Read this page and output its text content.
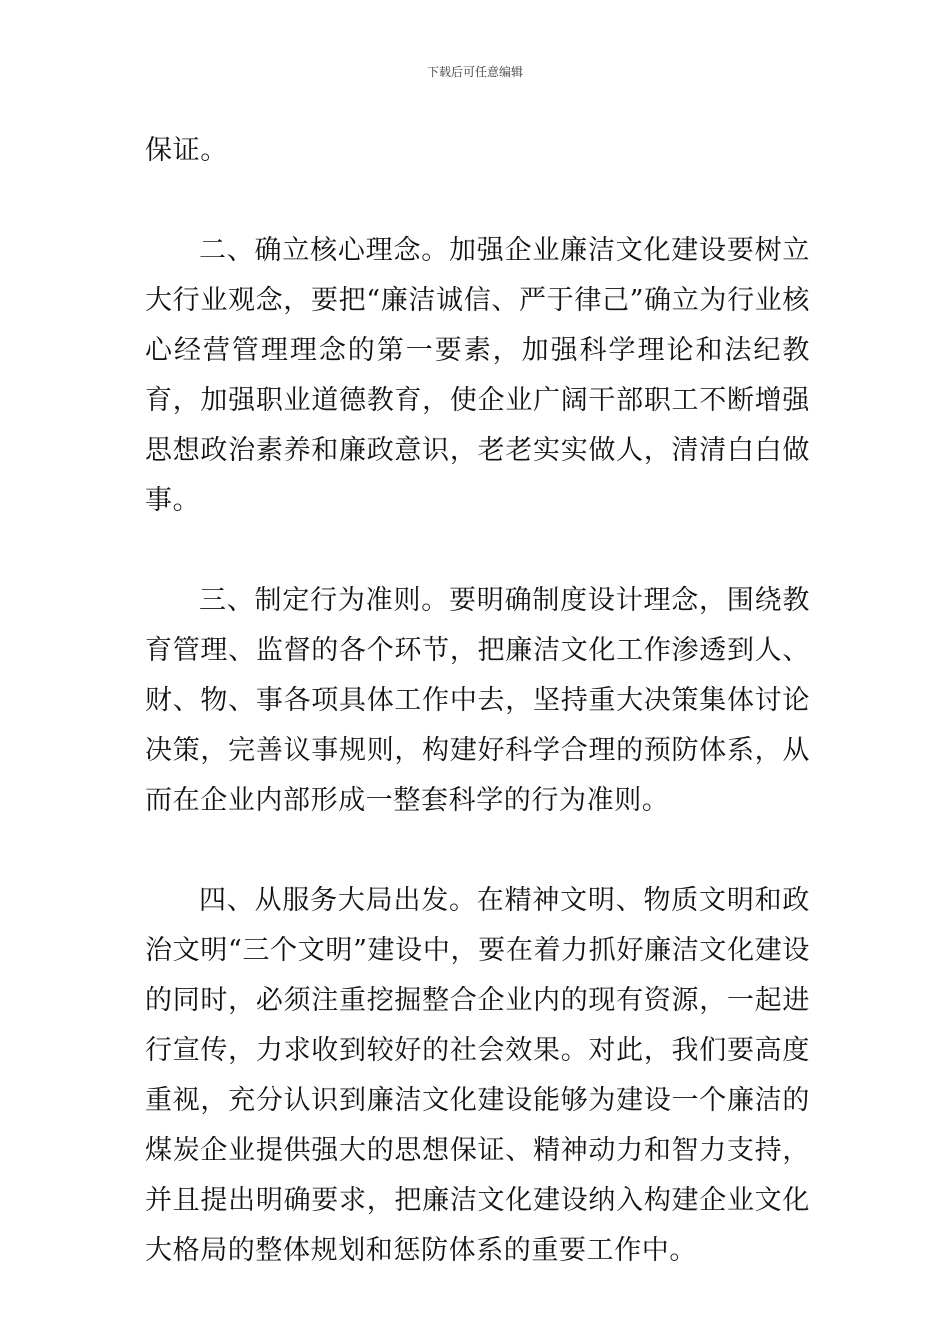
下载后可任意编辑

保证。

二、确立核心理念。加强企业廉洁文化建设要树立大行业观念，要把“廉洁诚信、严于律己”确立为行业核心经营管理理念的第一要素，加强科学理论和法纪教育，加强职业道德教育，使企业广阔干部职工不断增强思想政治素养和廉政意识，老老实实做人，清清白白做事。

三、制定行为准则。要明确制度设计理念，围绕教育管理、监督的各个环节，把廉洁文化工作渗透到人、财、物、事各项具体工作中去，坚持重大决策集体讨论决策，完善议事规则，构建好科学合理的预防体系，从而在企业内部形成一整套科学的行为准则。

四、从服务大局出发。在精神文明、物质文明和政治文明“三个文明”建设中，要在着力抓好廉洁文化建设的同时，必须注重挖掘整合企业内的现有资源，一起进行宣传，力求收到较好的社会效果。对此，我们要高度重视，充分认识到廉洁文化建设能够为建设一个廉洁的煤炭企业提供强大的思想保证、精神动力和智力支持，并且提出明确要求，把廉洁文化建设纳入构建企业文化大格局的整体规划和惩防体系的重要工作中。
